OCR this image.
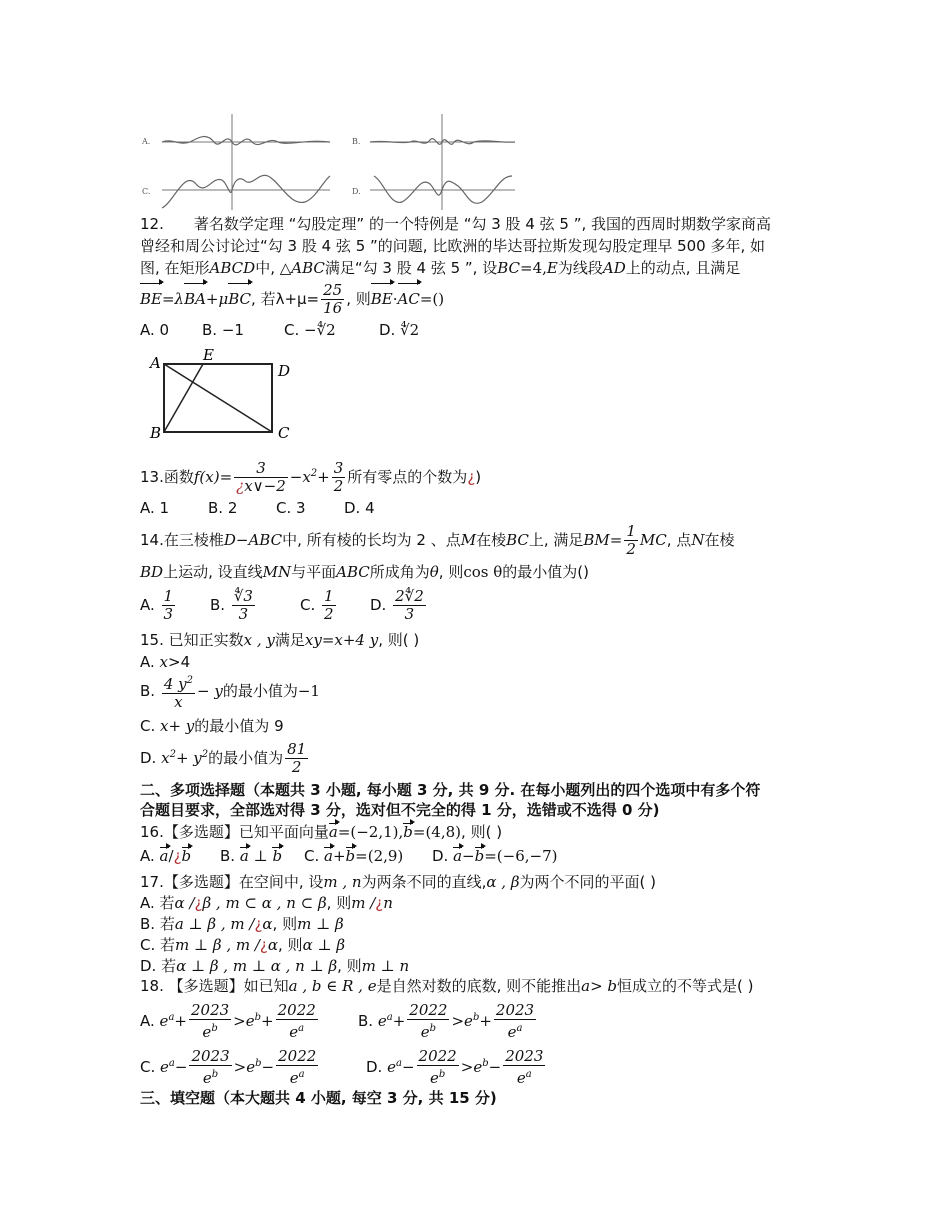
A.	B.
C.	D.
12. 著名数学定理 “勾股定理” 的一个特例是 “勾 3 股 4 弦 5 ”, 我国的西周时期数学家商高
曾经和周公讨论过“勾 3 股 4 弦 5 ”的问题, 比欧洲的毕达哥拉斯发现勾股定理早 500 多年, 如
图, 在矩形ABCD中, △ABC满足“勾 3 股 4 弦 5 ”, 设BC=4,E为线段AD上的动点, 且满足
BE=λBA+μBC, 若$\lambda+\mu= \frac{25}{16}$ , 则BE·AC=()
A. 0 B. −1	C. −∜2	D. ∜2
13.函数$f(x)= \frac{3}{¿x\vee-2} -x^2+ \frac{3}{2}$ 所有零点的个数为¿)
A. 1	B. 2	C. 3	D. 4
14.在三棱椎D−ABC中, 所有棱的长均为 2 、点M在棱BC上, 满足$BM= \frac{1}{2}$ MC, 点N在棱
BD上运动, 设直线MN与平面ABC所成角为θ, 则cos θ的最小值为()
A. $\frac{1}{3} B$. $\frac{∜3}{3}$	C. $\frac{1}{2} D$. $\frac{2∜2}{3}$
15. 已知正实数x , y满足xy=x+4 y, 则( )
A. x>4
B. $\frac{4 y^2}{x} - y$的最小值为−1
C. x+ y的最小值为 9
D. $x^2+ y^2$的最小值为 $\frac{81}{2}$
二、多项选择题（本题共 3 小题, 每小题 3 分, 共 9 分. 在每小题列出的四个选项中有多个符
合题目要求，全部选对得 3 分，选对但不完全的得 1 分，选错或不选得 0 分)
16.【多选题】已知平面向量a=(−2,1),b=(4,8), 则( )
A. a/¿b B. a ⊥ b C. a+b=(2,9) D. a−b=(−6,−7)
17.【多选题】在空间中, 设m , n为两条不同的直线,α , β为两个不同的平面( )
A. 若α /¿β , m ⊂ α , n ⊂ β, 则m /¿n
B. 若a ⊥ β , m /¿α, 则m ⊥ β
C. 若m ⊥ β , m /¿α, 则α ⊥ β
D. 若α ⊥ β , m ⊥ α , n ⊥ β, 则m ⊥ n
18. 【多选题】如已知a , b ∈ R , e是自然对数的底数, 则不能推出a> b恒成立的不等式是( )
A. $e^a+ \frac{2023}{e^b} >e^b+ \frac{2022}{e^a}$	B. $e^a+ \frac{2022}{e^b} >e^b+ \frac{2023}{e^a}$
C. $e^a- \frac{2023}{e^b} >e^b- \frac{2022}{e^a}$	D. $e^a- \frac{2022}{e^b} >e^b- \frac{2023}{e^a}$
三、填空题（本大题共 4 小题, 每空 3 分, 共 15 分)
A	E
D
B	C
